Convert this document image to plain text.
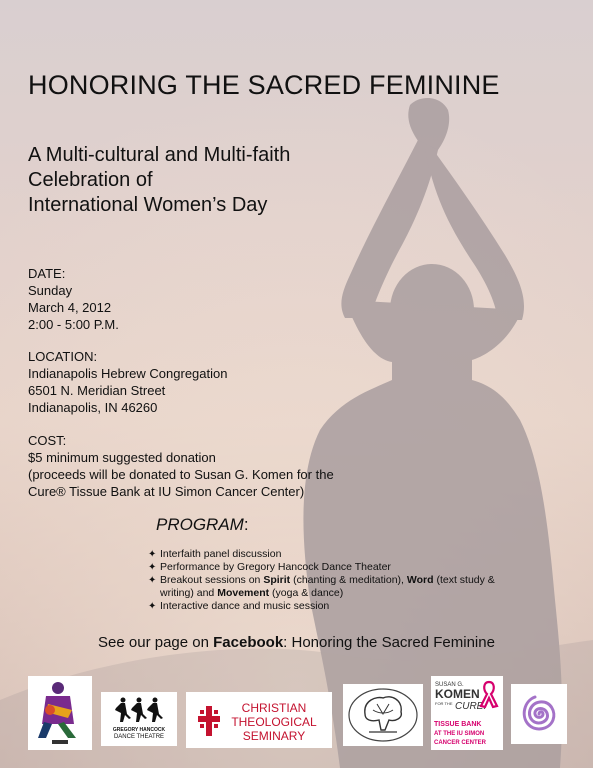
HONORING THE SACRED FEMININE
A Multi-cultural and Multi-faith
Celebration of
International Women’s Day
DATE:
Sunday
March 4, 2012
2:00 - 5:00 P.M.
LOCATION:
Indianapolis Hebrew Congregation
6501 N. Meridian Street
Indianapolis, IN 46260
COST:
$5 minimum suggested donation
(proceeds will be donated to Susan G. Komen for the
Cure® Tissue Bank at IU Simon Cancer Center)
PROGRAM:
✦ Interfaith panel discussion
✦ Performance by Gregory Hancock Dance Theater
✦ Breakout sessions on Spirit (chanting & meditation), Word (text study & writing) and Movement (yoga & dance)
✦ Interactive dance and music session
See our page on Facebook: Honoring the Sacred Feminine
GREGORY HANCOCK
DANCE THEATRE
CHRISTIAN
THEOLOGICAL
SEMINARY
SUSAN G.
KOMEN
FOR THE CURE.
TISSUE BANK
AT THE IU SIMON
CANCER CENTER
